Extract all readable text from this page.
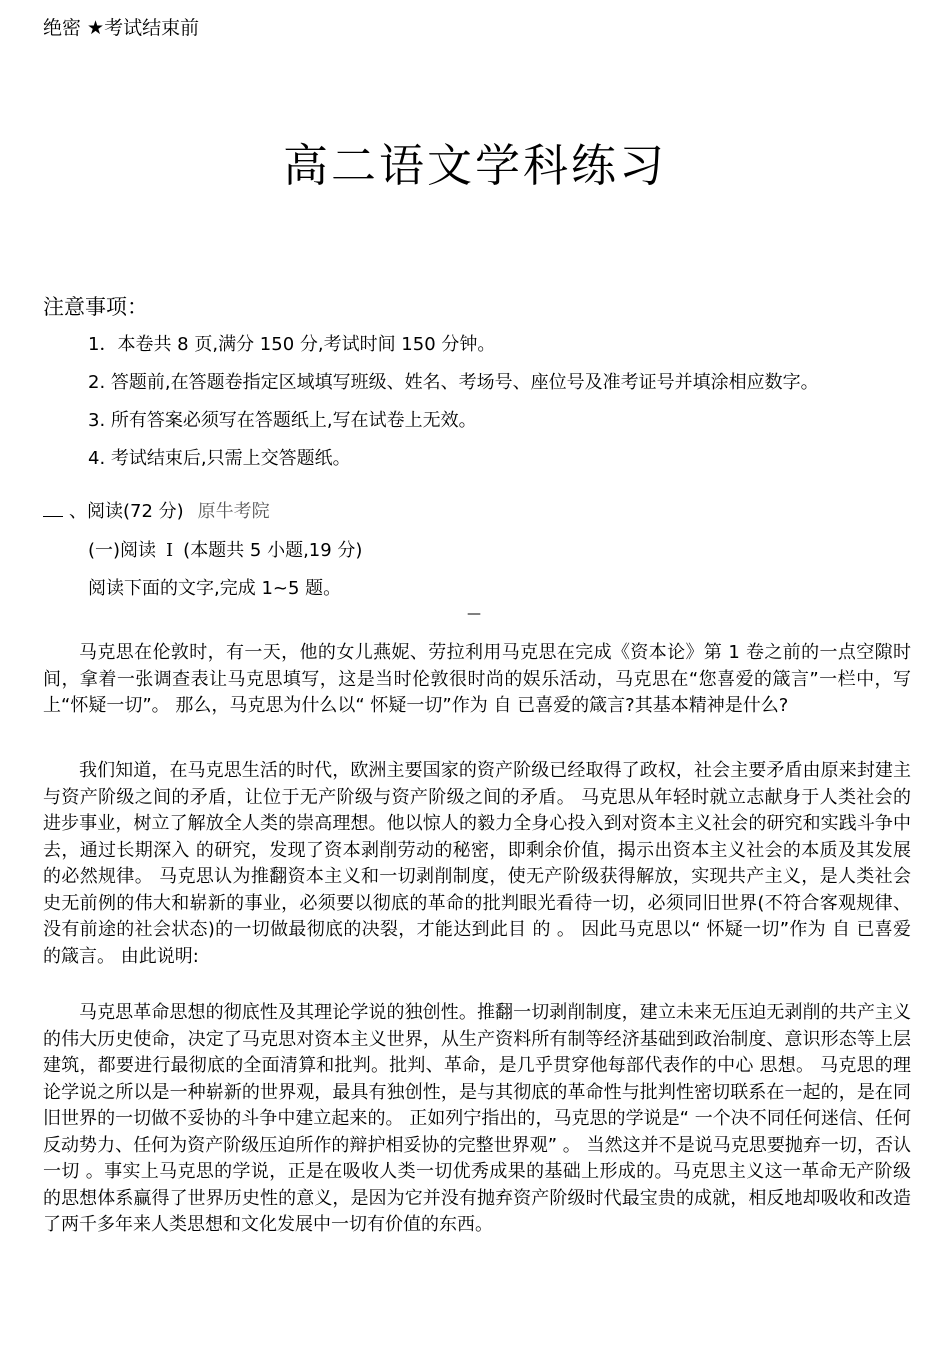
绝密 ★考试结束前
高二语文学科练习
注意事项：
1．本卷共 8 页,满分 150 分,考试时间 150 分钟。
2. 答题前,在答题卷指定区域填写班级、姓名、考场号、座位号及准考证号并填涂相应数字。
3. 所有答案必须写在答题纸上,写在试卷上无效。
4. 考试结束后,只需上交答题纸。
、阅读(72 分) 原牛考院
(一)阅读 Ⅰ (本题共 5 小题,19 分)
阅读下面的文字,完成 1~5 题。
—

马克思在伦敦时，有一天，他的女儿燕妮、劳拉利用马克思在完成《资本论》第 1 卷之前的一点空隙时间，拿着一张调查表让马克思填写，这是当时伦敦很时尚的娱乐活动，马克思在“您喜爱的箴言”一栏中，写上“怀疑一切”。 那么，马克思为什么以“ 怀疑一切”作为 自 已喜爱的箴言?其基本精神是什么?

我们知道，在马克思生活的时代，欧洲主要国家的资产阶级已经取得了政权，社会主要矛盾由原来封建主与资产阶级之间的矛盾，让位于无产阶级与资产阶级之间的矛盾。 马克思从年轻时就立志献身于人类社会的进步事业，树立了解放全人类的崇高理想。他以惊人的毅力全身心投入到对资本主义社会的研究和实践斗争中去，通过长期深入 的研究，发现了资本剥削劳动的秘密，即剩余价值，揭示出资本主义社会的本质及其发展的必然规律。 马克思认为推翻资本主义和一切剥削制度，使无产阶级获得解放，实现共产主义，是人类社会史无前例的伟大和崭新的事业，必须要以彻底的革命的批判眼光看待一切，必须同旧世界(不符合客观规律、没有前途的社会状态)的一切做最彻底的决裂，才能达到此目 的 。 因此马克思以“ 怀疑一切”作为 自 已喜爱的箴言。 由此说明:

马克思革命思想的彻底性及其理论学说的独创性。推翻一切剥削制度，建立未来无压迫无剥削的共产主义的伟大历史使命，决定了马克思对资本主义世界，从生产资料所有制等经济基础到政治制度、意识形态等上层建筑，都要进行最彻底的全面清算和批判。批判、革命，是几乎贯穿他每部代表作的中心 思想。 马克思的理论学说之所以是一种崭新的世界观，最具有独创性，是与其彻底的革命性与批判性密切联系在一起的，是在同旧世界的一切做不妥协的斗争中建立起来的。 正如列宁指出的，马克思的学说是“ 一个决不同任何迷信、任何反动势力、任何为资产阶级压迫所作的辩护相妥协的完整世界观” 。 当然这并不是说马克思要抛弃一切，否认一切 。事实上马克思的学说，正是在吸收人类一切优秀成果的基础上形成的。马克思主义这一革命无产阶级的思想体系赢得了世界历史性的意义，是因为它并没有抛弃资产阶级时代最宝贵的成就，相反地却吸收和改造了两千多年来人类思想和文化发展中一切有价值的东西。
